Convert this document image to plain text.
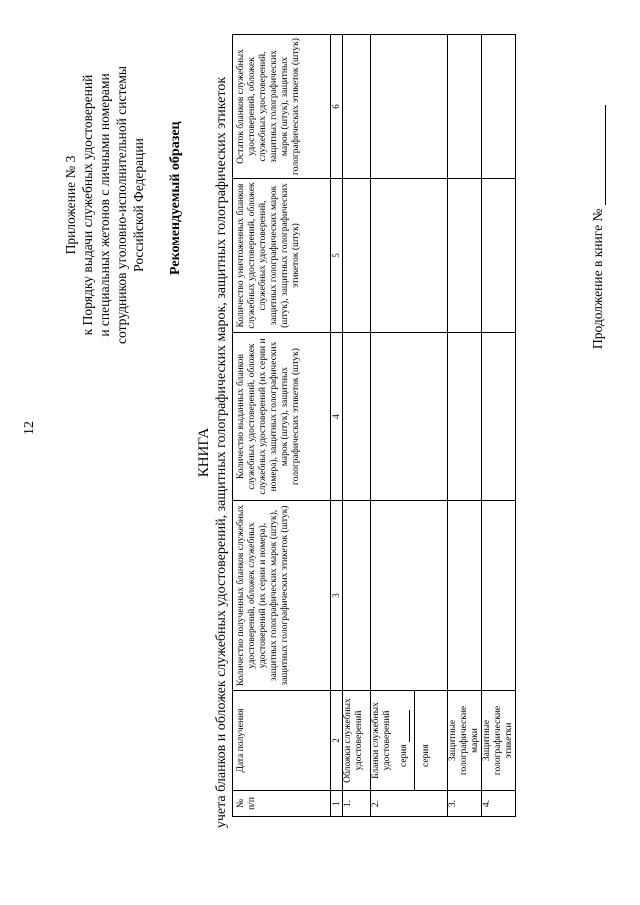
12
Приложение № 3 к Порядку выдачи служебных удостоверений и специальных жетонов с личными номерами сотрудников уголовно-исполнительной системы Российской Федерации Рекомендуемый образец
КНИГА учета бланков и обложек служебных удостоверений, защитных голографических марок, защитных голографических этикеток № п/п	Дата получения	Количество полученных бланков служебных удостоверений, обложек служебных удостоверений (их серии и номера), защитных голографических марок (штук), защитных голографических этикеток (штук)	Количество выданных бланков служебных удостоверений, обложек служебных удостоверений (их серии и номера), защитных голографических марок (штук), защитных голографических этикеток (штук)	Количество уничтоженных бланков служебных удостоверений, обложек служебных удостоверений, защитных голографических марок (штук), защитных голографических этикеток (штук)	Остаток бланков служебных удостоверений, обложек служебных удостоверений, защитных голографических марок (штук), защитных голографических этикеток (штук)
1	2	3	4	5	6
1.	Обложки служебных удостоверений				
2.	Бланки служебных удостоверений серия серия				

3.	Защитные голографические марки				
4.	Защитные голографические этикетки				
Продолжение в книге №
